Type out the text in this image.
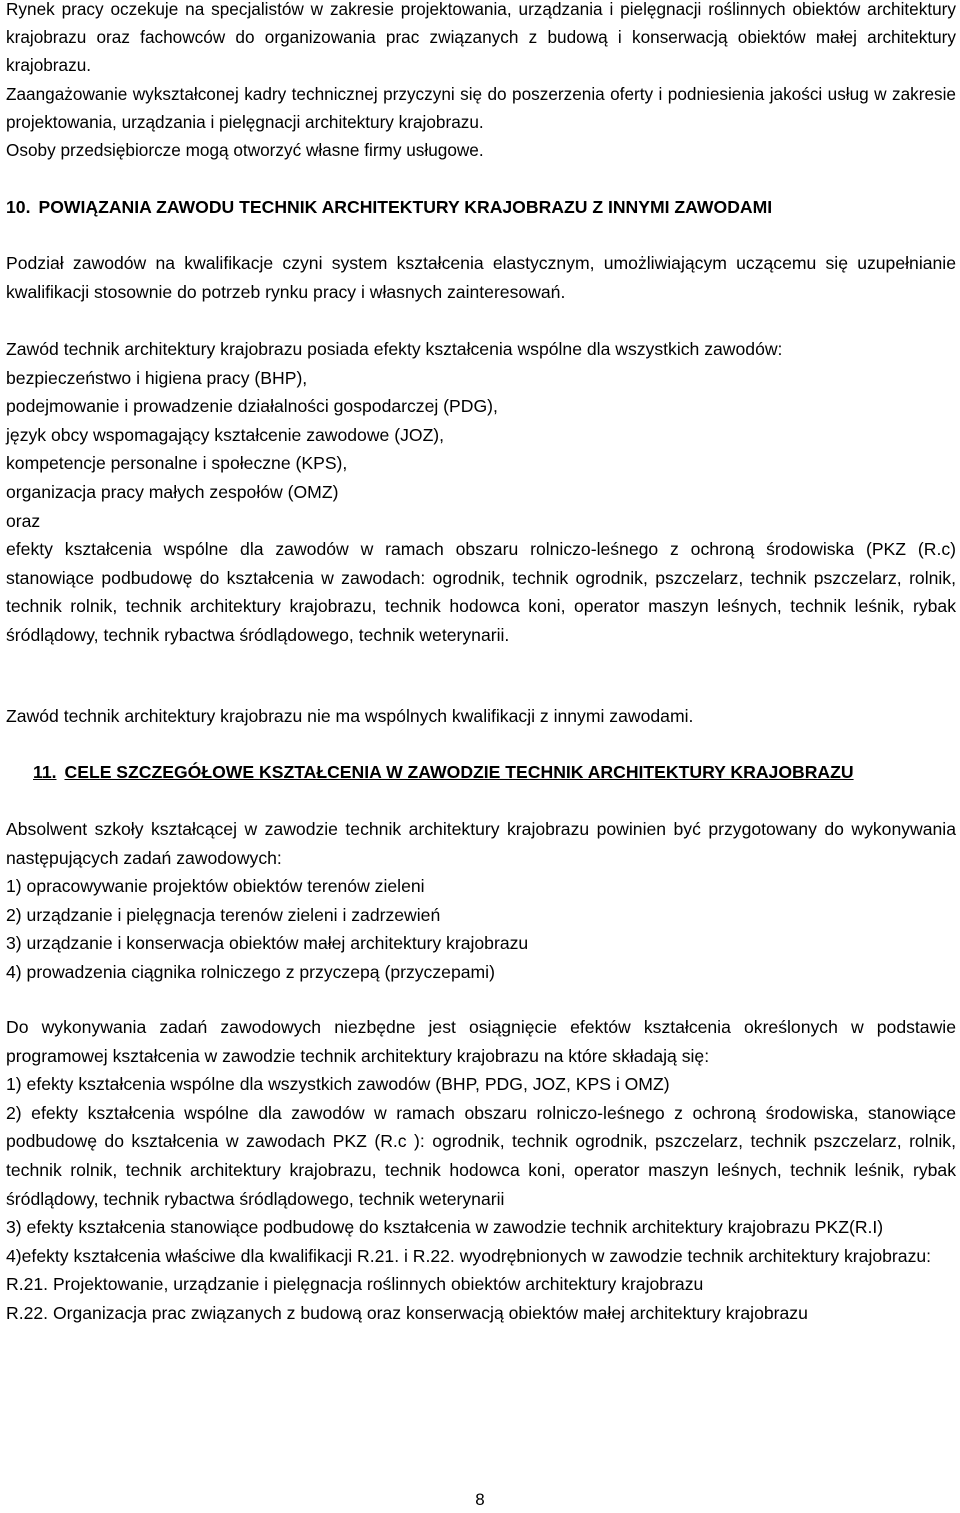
Rynek pracy oczekuje na specjalistów w zakresie projektowania, urządzania i pielęgnacji roślinnych obiektów architektury krajobrazu oraz fachowców do organizowania prac związanych z budową i konserwacją obiektów małej architektury krajobrazu.

Zaangażowanie wykształconej kadry technicznej przyczyni się do poszerzenia oferty i podniesienia jakości usług w zakresie projektowania, urządzania i pielęgnacji architektury krajobrazu.

Osoby przedsiębiorcze mogą otworzyć własne firmy usługowe.

10. POWIĄZANIA ZAWODU TECHNIK ARCHITEKTURY KRAJOBRAZU Z INNYMI ZAWODAMI

Podział zawodów na kwalifikacje czyni system kształcenia elastycznym, umożliwiającym uczącemu się uzupełnianie kwalifikacji stosownie do potrzeb rynku pracy i własnych zainteresowań.

Zawód technik architektury krajobrazu posiada efekty kształcenia wspólne dla wszystkich zawodów:

bezpieczeństwo i higiena pracy (BHP),
podejmowanie i prowadzenie działalności gospodarczej (PDG),
język obcy wspomagający kształcenie zawodowe (JOZ),
kompetencje personalne i społeczne (KPS),
organizacja pracy małych zespołów (OMZ)
oraz

efekty kształcenia wspólne dla zawodów w ramach obszaru rolniczo-leśnego z ochroną środowiska (PKZ (R.c) stanowiące podbudowę do kształcenia w zawodach: ogrodnik, technik ogrodnik, pszczelarz, technik pszczelarz, rolnik, technik rolnik, technik architektury krajobrazu, technik hodowca koni, operator maszyn leśnych, technik leśnik, rybak śródlądowy, technik rybactwa śródlądowego, technik weterynarii.

Zawód technik architektury krajobrazu nie ma wspólnych kwalifikacji z innymi zawodami.

11. CELE SZCZEGÓŁOWE KSZTAŁCENIA W ZAWODZIE TECHNIK ARCHITEKTURY KRAJOBRAZU

Absolwent szkoły kształcącej w zawodzie technik architektury krajobrazu powinien być przygotowany do wykonywania następujących zadań zawodowych:

1) opracowywanie projektów obiektów terenów zieleni
2) urządzanie i pielęgnacja terenów zieleni i zadrzewień
3) urządzanie i konserwacja obiektów małej architektury krajobrazu
4) prowadzenia ciągnika rolniczego z przyczepą (przyczepami)

Do wykonywania zadań zawodowych niezbędne jest osiągnięcie efektów kształcenia określonych w podstawie programowej kształcenia w zawodzie technik architektury krajobrazu na które składają się:

1) efekty kształcenia wspólne dla wszystkich zawodów (BHP, PDG, JOZ, KPS i OMZ)

2) efekty kształcenia wspólne dla zawodów w ramach obszaru rolniczo-leśnego z ochroną środowiska, stanowiące podbudowę do kształcenia w zawodach PKZ (R.c ): ogrodnik, technik ogrodnik, pszczelarz, technik pszczelarz, rolnik, technik rolnik, technik architektury krajobrazu, technik hodowca koni, operator maszyn leśnych, technik leśnik, rybak śródlądowy, technik rybactwa śródlądowego, technik weterynarii

3) efekty kształcenia stanowiące podbudowę do kształcenia w zawodzie technik architektury krajobrazu PKZ(R.I)

4)efekty kształcenia właściwe dla kwalifikacji R.21. i R.22. wyodrębnionych w zawodzie technik architektury krajobrazu:

R.21. Projektowanie, urządzanie i pielęgnacja roślinnych obiektów architektury krajobrazu

R.22. Organizacja prac związanych z budową oraz konserwacją obiektów małej architektury krajobrazu

8
